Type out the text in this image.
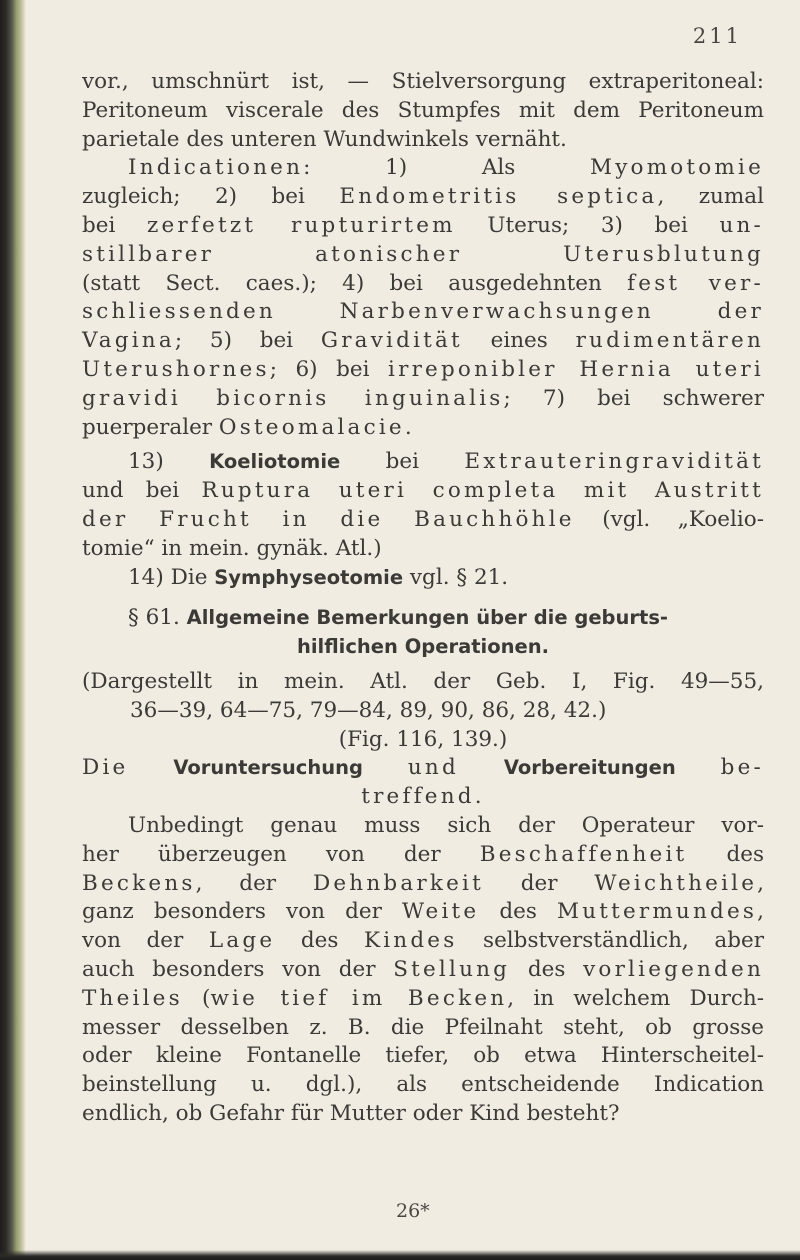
211
vor., umschnürt ist, — Stielversorgung extraperitoneal:
Peritoneum viscerale des Stumpfes mit dem Peritoneum
parietale des unteren Wundwinkels vernäht.
Indicationen: 1) Als Myomotomie
zugleich; 2) bei Endometritis septica, zumal
bei zerfetzt rupturirtem Uterus; 3) bei un-
stillbarer atonischer Uterusblutung
(statt Sect. caes.); 4) bei ausgedehnten fest ver-
schliessenden Narbenverwachsungen der
Vagina; 5) bei Gravidität eines rudimentären
Uterushornes; 6) bei irreponibler Hernia uteri
gravidi bicornis inguinalis; 7) bei schwerer
puerperaler Osteomalacie.
13) Koeliotomie bei Extrauteringravidität
und bei Ruptura uteri completa mit Austritt
der Frucht in die Bauchhöhle (vgl. „Koelio-
tomie“ in mein. gynäk. Atl.)
14) Die Symphyseotomie vgl. § 21.
§ 61. Allgemeine Bemerkungen über die geburts-
hilflichen Operationen.
(Dargestellt in mein. Atl. der Geb. I, Fig. 49—55,
36—39, 64—75, 79—84, 89, 90, 86, 28, 42.)
(Fig. 116, 139.)
Die Voruntersuchung und Vorbereitungen be-
treffend.
Unbedingt genau muss sich der Operateur vor-
her überzeugen von der Beschaffenheit des
Beckens, der Dehnbarkeit der Weichtheile,
ganz besonders von der Weite des Muttermundes,
von der Lage des Kindes selbstverständlich, aber
auch besonders von der Stellung des vorliegenden
Theiles (wie tief im Becken, in welchem Durch-
messer desselben z. B. die Pfeilnaht steht, ob grosse
oder kleine Fontanelle tiefer, ob etwa Hinterscheitel-
beinstellung u. dgl.), als entscheidende Indication
endlich, ob Gefahr für Mutter oder Kind besteht?
26*
